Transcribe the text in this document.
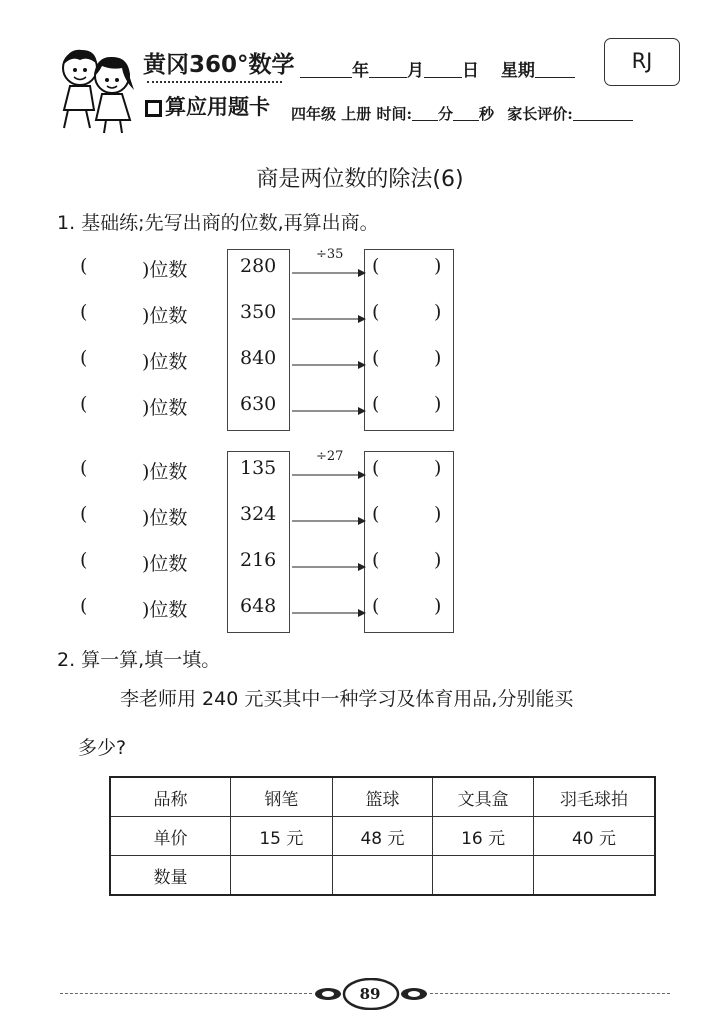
黄冈360°数学
算应用题卡
年 月 日 星期	RJ
四年级 上册 时间: 分 秒 家长评价:
商是两位数的除法(6)
1. 基础练;先写出商的位数,再算出商。
÷35
(	)位数	280	(	)
(	)位数	350	(	)
(	)位数	840	(	)
(	)位数	630	(	)
÷27
(	)位数	135	(	)
(	)位数	324	(	)
(	)位数	216	(	)
(	)位数	648	(	)
2. 算一算,填一填。
李老师用 240 元买其中一种学习及体育用品,分别能买
多少?
品称	钢笔	篮球	文具盒	羽毛球拍
单价	15 元	48 元	16 元	40 元
数量				
89
